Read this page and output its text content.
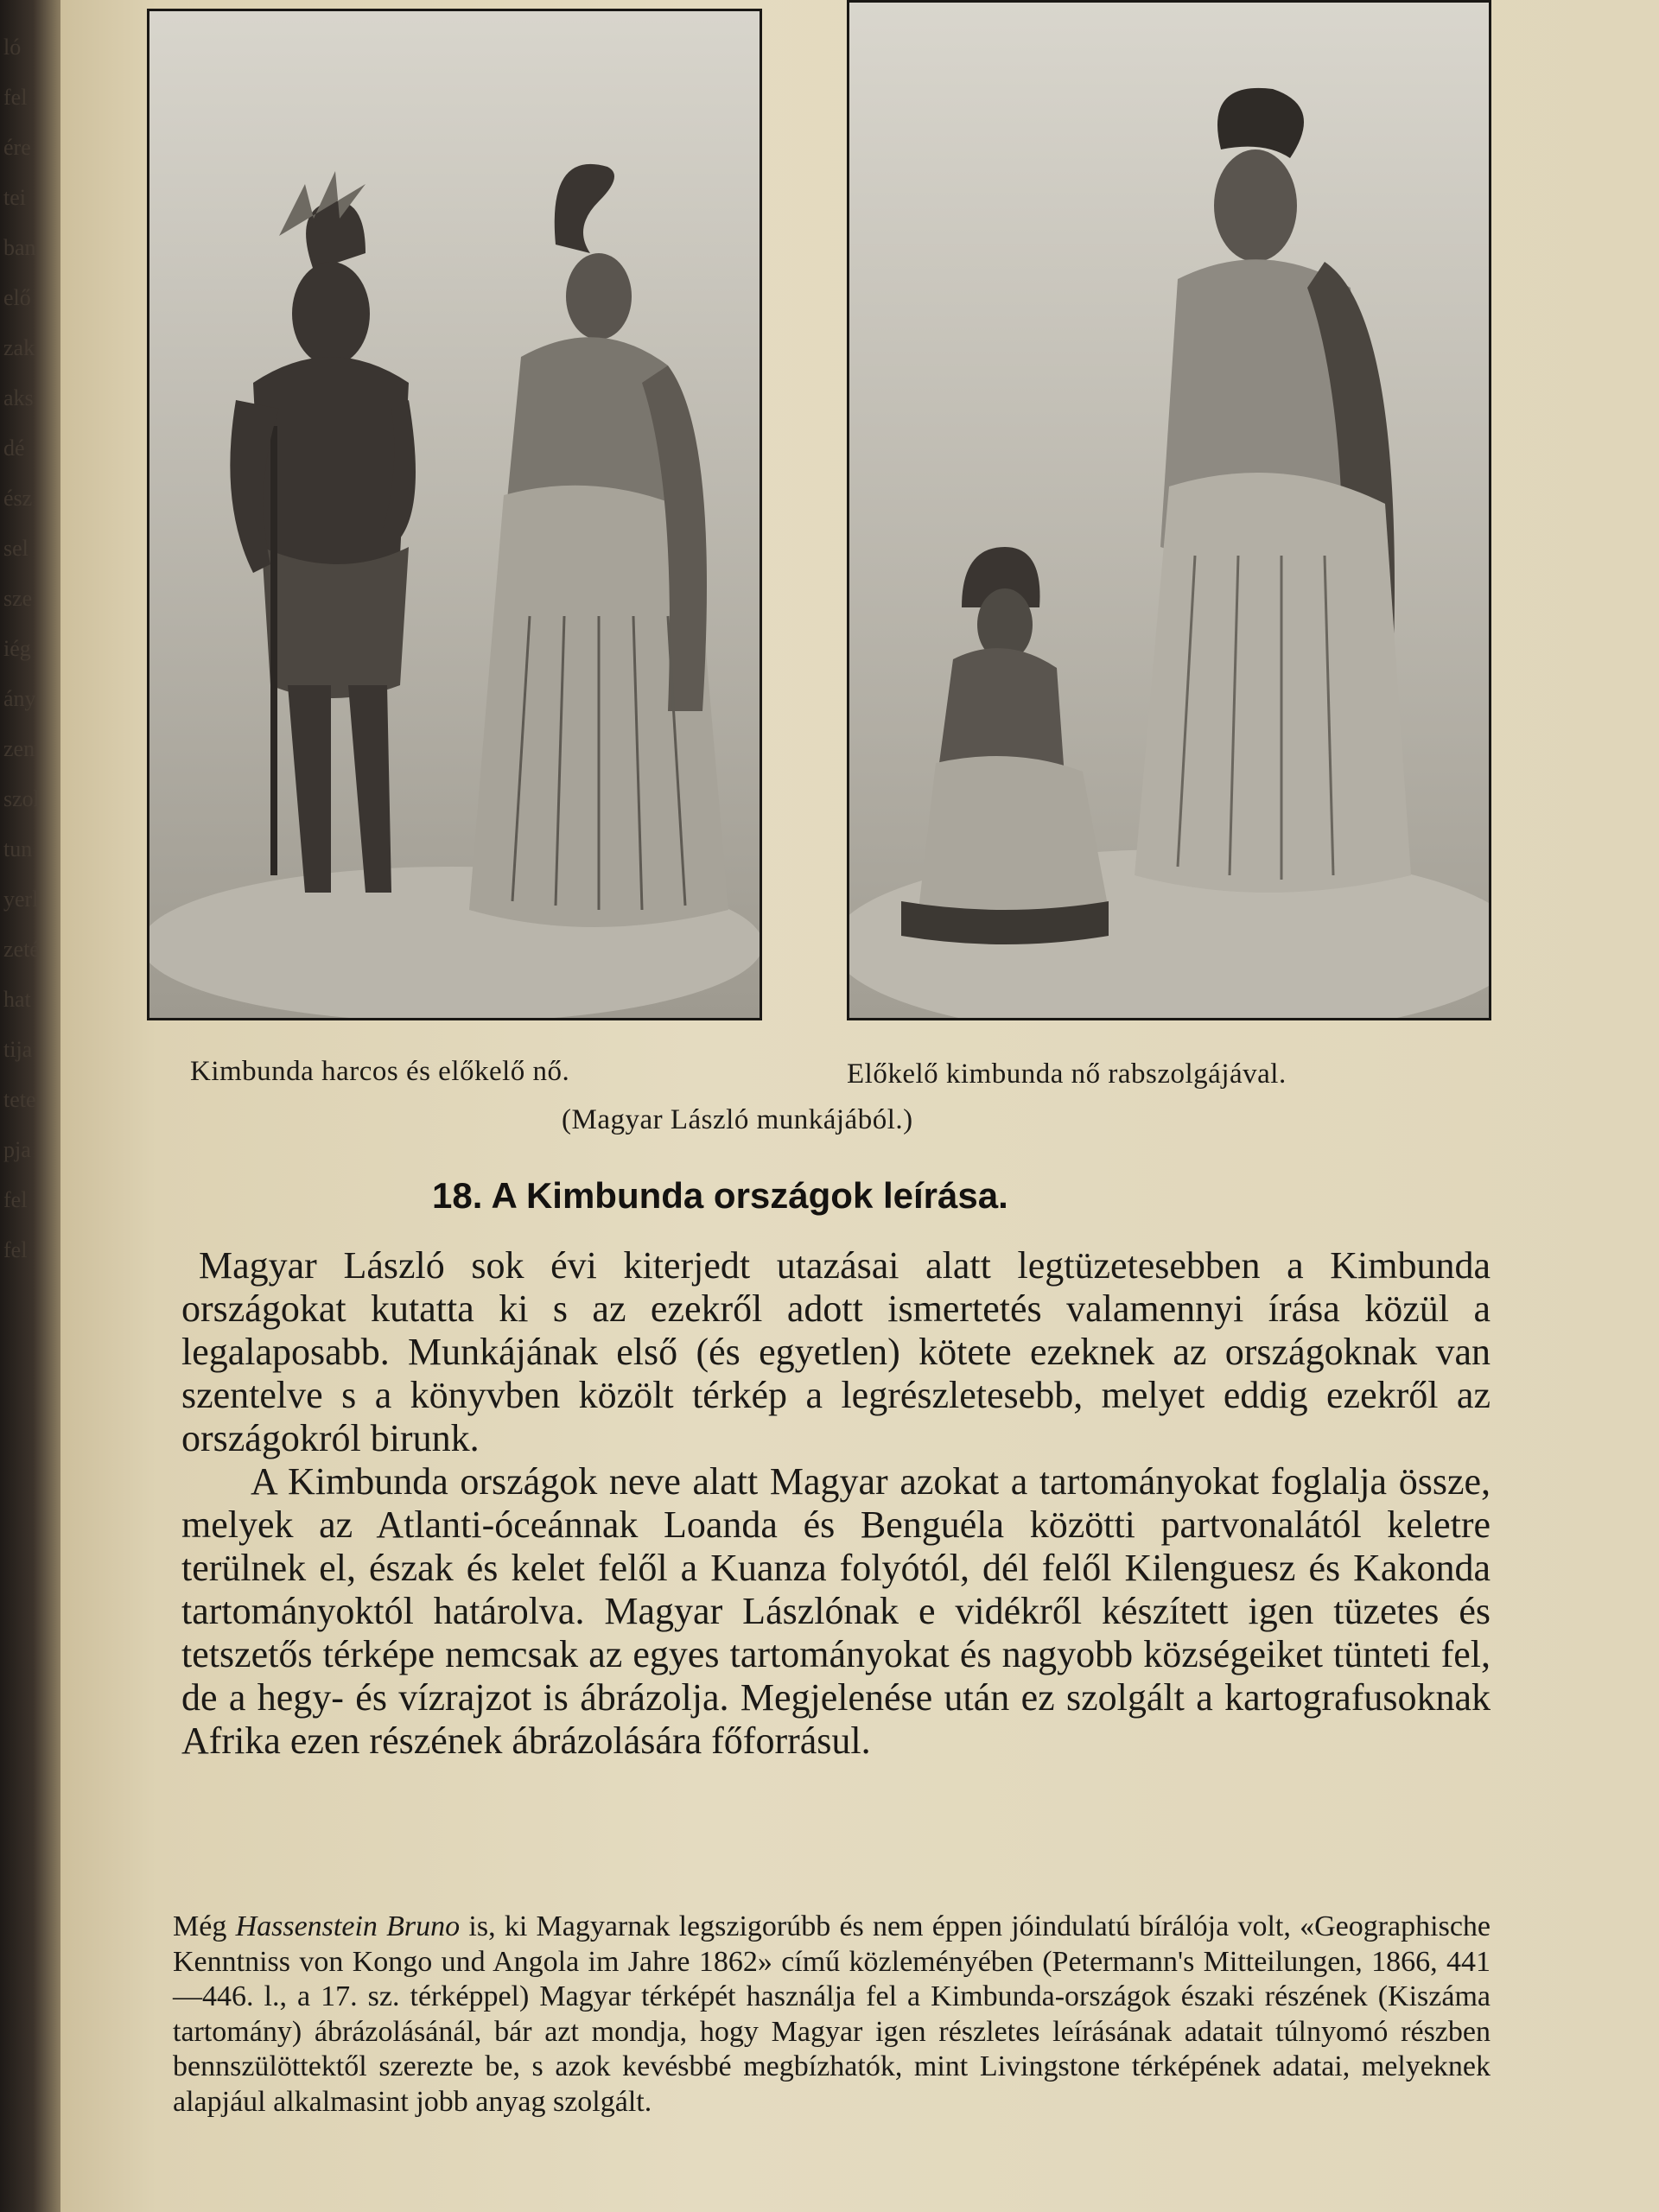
ló
fel
ére
tei
ban
elő
zak
aks
dé
ész
sel
sze
iég
ány
zen
szol
tun
yerl
zeté
hat
tija
tete
pja
fel
fel
Kimbunda harcos és előkelő nő.	Előkelő kimbunda nő rabszolgájával.
(Magyar László munkájából.)
18. A Kimbunda országok leírása.

Magyar László sok évi kiterjedt utazásai alatt legtüzetesebben a Kimbunda országokat kutatta ki s az ezekről adott ismertetés valamennyi írása közül a legalaposabb. Munkájának első (és egyetlen) kötete ezeknek az országoknak van szentelve s a könyvben közölt térkép a legrészletesebb, melyet eddig ezekről az országokról birunk.

A Kimbunda országok neve alatt Magyar azokat a tartományokat foglalja össze, melyek az Atlanti-óceánnak Loanda és Benguéla közötti partvonalától keletre terülnek el, észak és kelet felől a Kuanza folyótól, dél felől Kilenguesz és Kakonda tartományoktól határolva. Magyar Lászlónak e vidékről készített igen tüzetes és tetszetős térképe nemcsak az egyes tartományokat és nagyobb községeiket tünteti fel, de a hegy- és vízrajzot is ábrázolja. Megjelenése után ez szolgált a kartografusoknak Afrika ezen részének ábrázolására főforrásul.

Még Hassenstein Bruno is, ki Magyarnak legszigorúbb és nem éppen jóindulatú bírálója volt, «Geographische Kenntniss von Kongo und Angola im Jahre 1862» című közleményében (Petermann's Mitteilungen, 1866, 441—446. l., a 17. sz. térképpel) Magyar térképét használja fel a Kimbunda-országok északi részének (Kiszáma tartomány) ábrázolásánál, bár azt mondja, hogy Magyar igen részletes leírásának adatait túlnyomó részben bennszülöttektől szerezte be, s azok kevésbbé megbízhatók, mint Livingstone térképének adatai, melyeknek alapjául alkalmasint jobb anyag szolgált.
